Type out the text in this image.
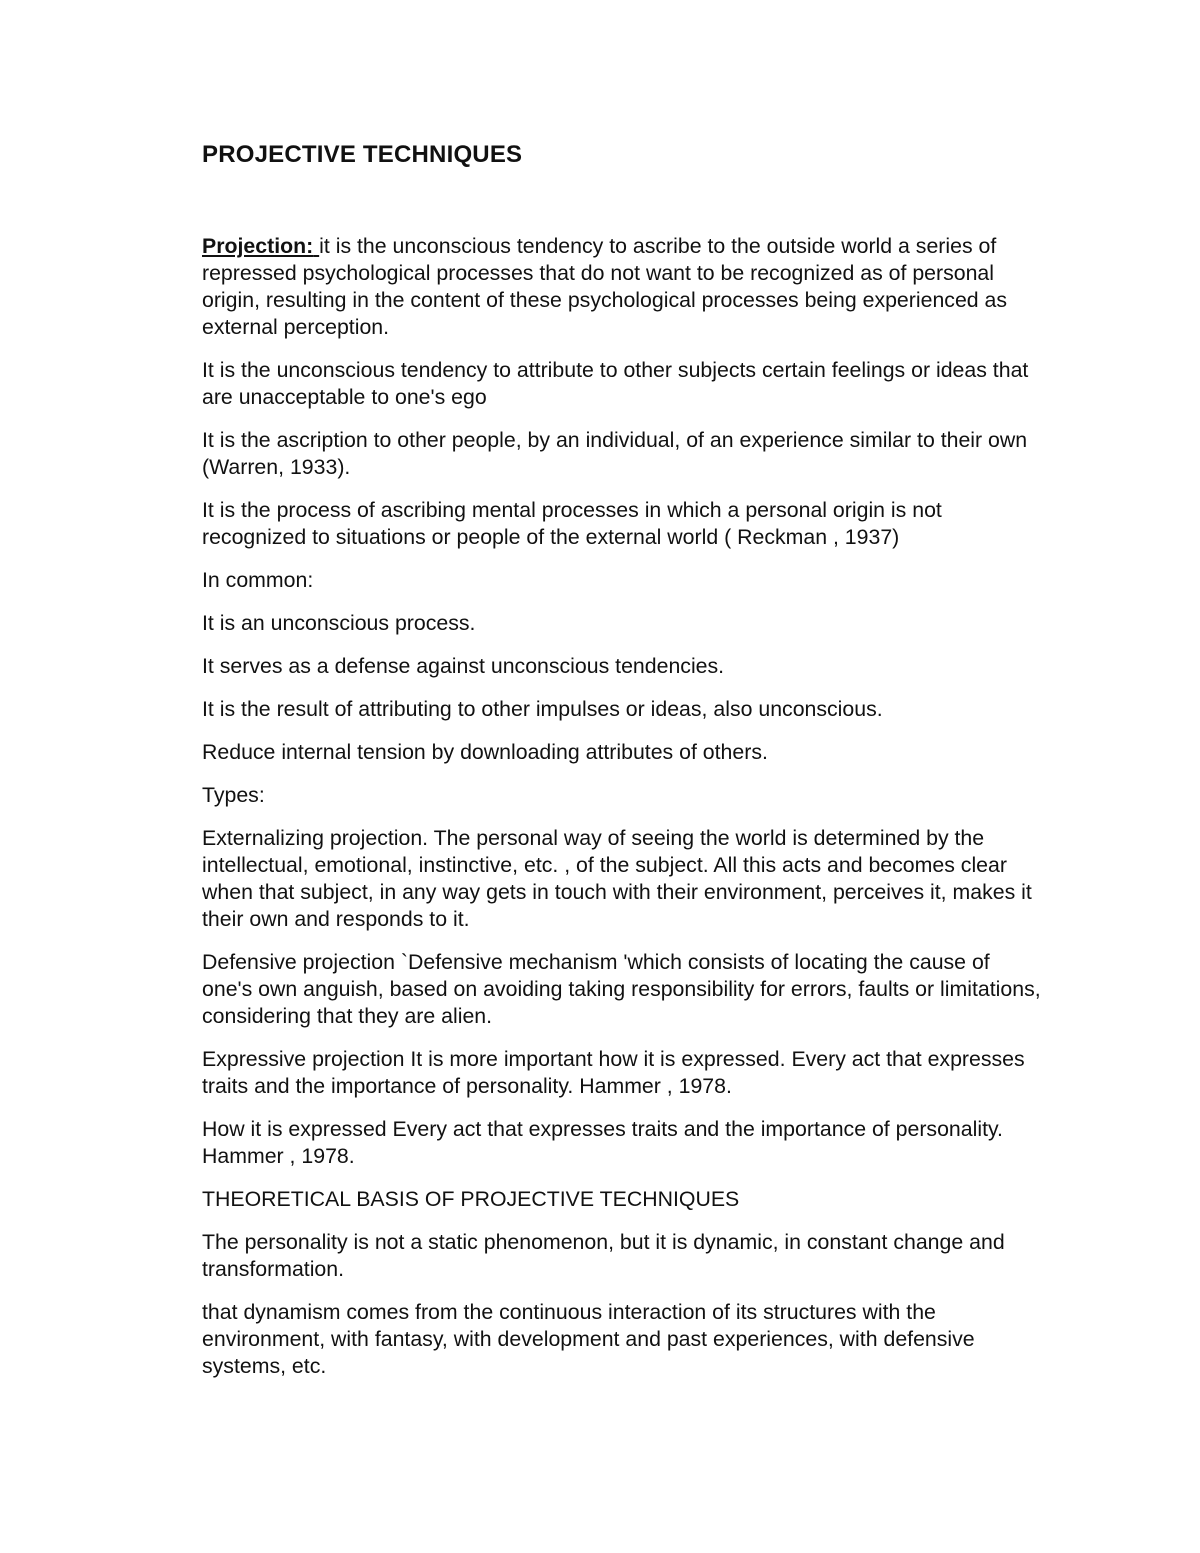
PROJECTIVE TECHNIQUES

Projection: it is the unconscious tendency to ascribe to the outside world a series of repressed psychological processes that do not want to be recognized as of personal origin, resulting in the content of these psychological processes being experienced as external perception.

It is the unconscious tendency to attribute to other subjects certain feelings or ideas that are unacceptable to one's ego

It is the ascription to other people, by an individual, of an experience similar to their own (Warren, 1933).

It is the process of ascribing mental processes in which a personal origin is not recognized to situations or people of the external world ( Reckman , 1937)

In common:

It is an unconscious process.

It serves as a defense against unconscious tendencies.

It is the result of attributing to other impulses or ideas, also unconscious.

Reduce internal tension by downloading attributes of others.

Types:

Externalizing projection. The personal way of seeing the world is determined by the intellectual, emotional, instinctive, etc. , of the subject. All this acts and becomes clear when that subject, in any way gets in touch with their environment, perceives it, makes it their own and responds to it.

Defensive projection `Defensive mechanism 'which consists of locating the cause of one's own anguish, based on avoiding taking responsibility for errors, faults or limitations, considering that they are alien.

Expressive projection It is more important how it is expressed. Every act that expresses traits and the importance of personality. Hammer , 1978.

How it is expressed Every act that expresses traits and the importance of personality. Hammer , 1978.

THEORETICAL BASIS OF PROJECTIVE TECHNIQUES

The personality is not a static phenomenon, but it is dynamic, in constant change and transformation.

that dynamism comes from the continuous interaction of its structures with the environment, with fantasy, with development and past experiences, with defensive systems, etc.
